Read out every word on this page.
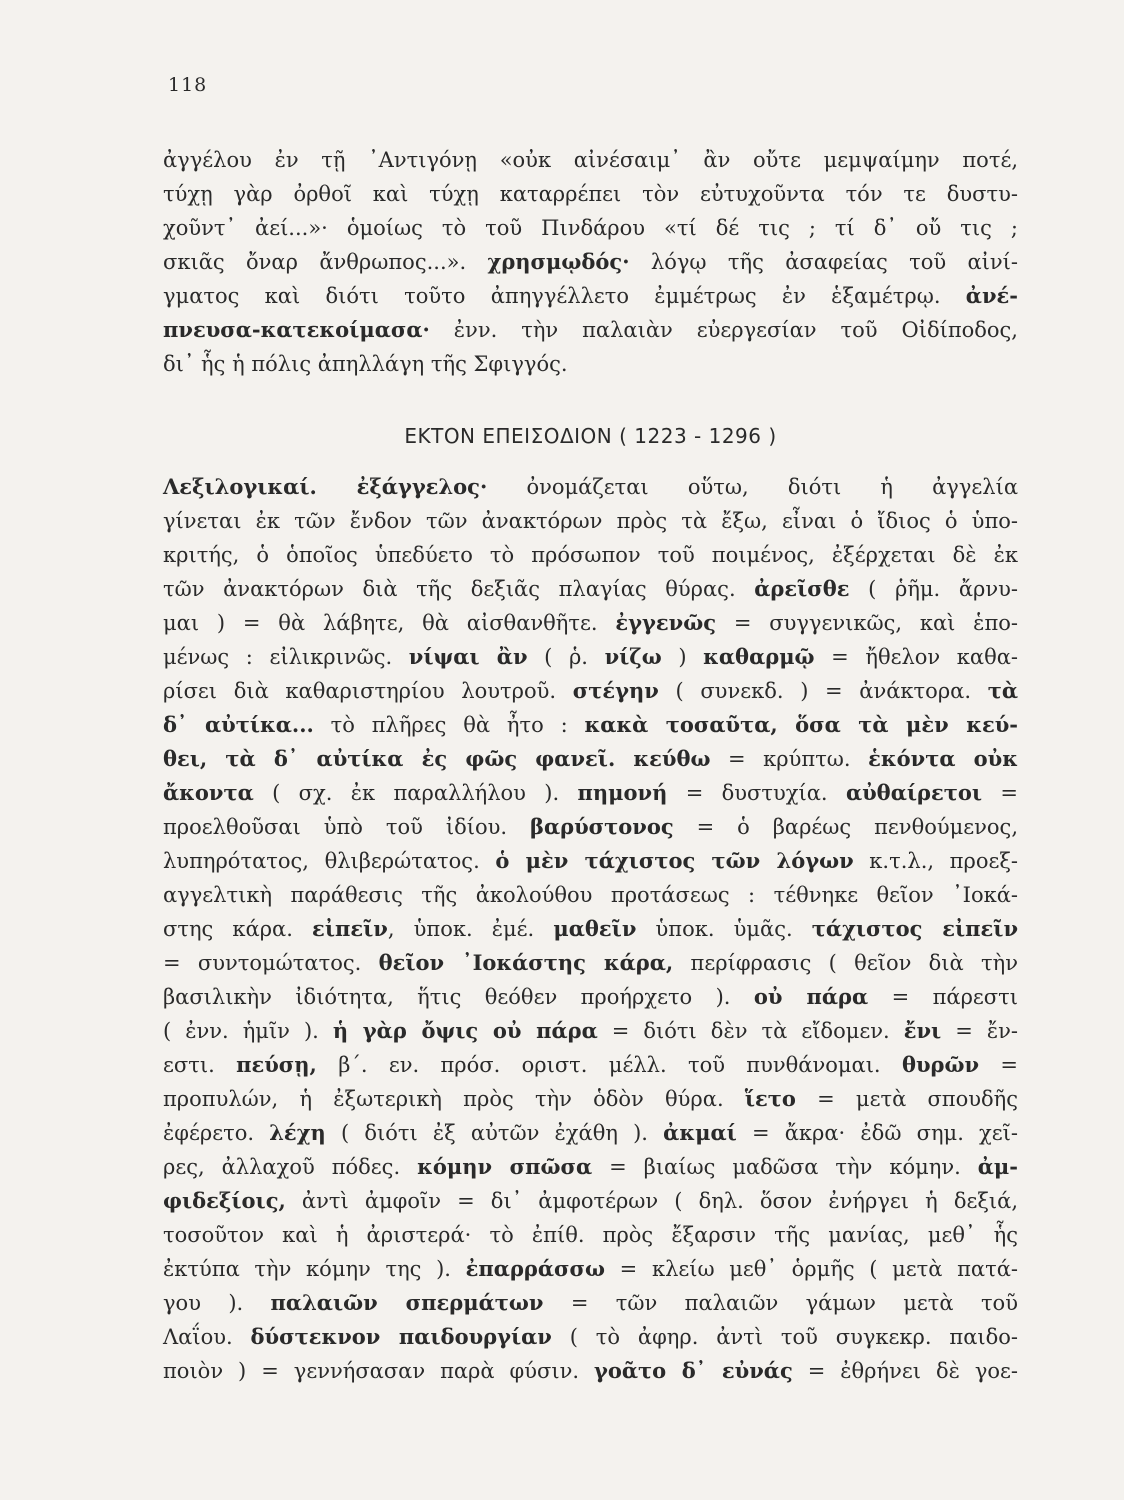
118
ἀγγέλου ἐν τῇ ᾿Αντιγόνῃ «οὐκ αἰνέσαιμ᾿ ἂν οὔτε μεμψαίμην ποτέ,
τύχῃ γὰρ ὀρθοῖ καὶ τύχῃ καταρρέπει τὸν εὐτυχοῦντα τόν τε δυστυ-
χοῦντ᾿ ἀεί...»· ὁμοίως τὸ τοῦ Πινδάρου «τί δέ τις ; τί δ᾿ οὔ τις ;
σκιᾶς ὄναρ ἄνθρωπος...». χρησμῳδός· λόγῳ τῆς ἀσαφείας τοῦ αἰνί-
γματος καὶ διότι τοῦτο ἀπηγγέλλετο ἐμμέτρως ἐν ἑξαμέτρῳ. ἀνέ-
πνευσα-κατεκοίμασα· ἐνν. τὴν παλαιὰν εὐεργεσίαν τοῦ Οἰδίποδος,
δι᾿ ἧς ἡ πόλις ἀπηλλάγη τῆς Σφιγγός.
ΕΚΤΟΝ ΕΠΕΙΣΟΔΙΟΝ ( 1223 - 1296 )
Λεξιλογικαί. ἐξάγγελος· ὀνομάζεται οὕτω, διότι ἡ ἀγγελία
γίνεται ἐκ τῶν ἔνδον τῶν ἀνακτόρων πρὸς τὰ ἔξω, εἶναι ὁ ἴδιος ὁ ὑπο-
κριτής, ὁ ὁποῖος ὑπεδύετο τὸ πρόσωπον τοῦ ποιμένος, ἐξέρχεται δὲ ἐκ
τῶν ἀνακτόρων διὰ τῆς δεξιᾶς πλαγίας θύρας. ἀρεῖσθε ( ῥῆμ. ἄρνυ-
μαι ) = θὰ λάβητε, θὰ αἰσθανθῆτε. ἐγγενῶς = συγγενικῶς, καὶ ἑπο-
μένως : εἰλικρινῶς. νίψαι ἂν ( ῥ. νίζω ) καθαρμῷ = ἤθελον καθα-
ρίσει διὰ καθαριστηρίου λουτροῦ. στέγην ( συνεκδ. ) = ἀνάκτορα. τὰ
δ᾿ αὐτίκα... τὸ πλῆρες θὰ ἦτο : κακὰ τοσαῦτα, ὅσα τὰ μὲν κεύ-
θει, τὰ δ᾿ αὐτίκα ἐς φῶς φανεῖ. κεύθω = κρύπτω. ἑκόντα οὐκ
ἄκοντα ( σχ. ἐκ παραλλήλου ). πημονή = δυστυχία. αὐθαίρετοι =
προελθοῦσαι ὑπὸ τοῦ ἰδίου. βαρύστονος = ὁ βαρέως πενθούμενος,
λυπηρότατος, θλιβερώτατος. ὁ μὲν τάχιστος τῶν λόγων κ.τ.λ., προεξ-
αγγελτικὴ παράθεσις τῆς ἀκολούθου προτάσεως : τέθνηκε θεῖον ᾿Ιοκά-
στης κάρα. εἰπεῖν, ὑποκ. ἐμέ. μαθεῖν ὑποκ. ὑμᾶς. τάχιστος εἰπεῖν
= συντομώτατος. θεῖον ᾿Ιοκάστης κάρα, περίφρασις ( θεῖον διὰ τὴν
βασιλικὴν ἰδιότητα, ἥτις θεόθεν προήρχετο ). οὐ πάρα = πάρεστι
( ἐνν. ἡμῖν ). ἡ γὰρ ὄψις οὐ πάρα = διότι δὲν τὰ εἴδομεν. ἔνι = ἔν-
εστι. πεύσῃ, β΄. εν. πρόσ. οριστ. μέλλ. τοῦ πυνθάνομαι. θυρῶν =
προπυλών, ἡ ἐξωτερικὴ πρὸς τὴν ὁδὸν θύρα. ἵετο = μετὰ σπουδῆς
ἐφέρετο. λέχη ( διότι ἐξ αὐτῶν ἐχάθη ). ἀκμαί = ἄκρα· ἐδῶ σημ. χεῖ-
ρες, ἀλλαχοῦ πόδες. κόμην σπῶσα = βιαίως μαδῶσα τὴν κόμην. ἀμ-
φιδεξίοις, ἀντὶ ἀμφοῖν = δι᾿ ἀμφοτέρων ( δηλ. ὅσον ἐνήργει ἡ δεξιά,
τοσοῦτον καὶ ἡ ἀριστερά· τὸ ἐπίθ. πρὸς ἔξαρσιν τῆς μανίας, μεθ᾿ ἧς
ἐκτύπα τὴν κόμην της ). ἐπαρράσσω = κλείω μεθ᾿ ὁρμῆς ( μετὰ πατά-
γου ). παλαιῶν σπερμάτων = τῶν παλαιῶν γάμων μετὰ τοῦ
Λαΐου. δύστεκνον παιδουργίαν ( τὸ ἀφηρ. ἀντὶ τοῦ συγκεκρ. παιδο-
ποιὸν ) = γεννήσασαν παρὰ φύσιν. γοᾶτο δ᾿ εὐνάς = ἐθρήνει δὲ γοε-
